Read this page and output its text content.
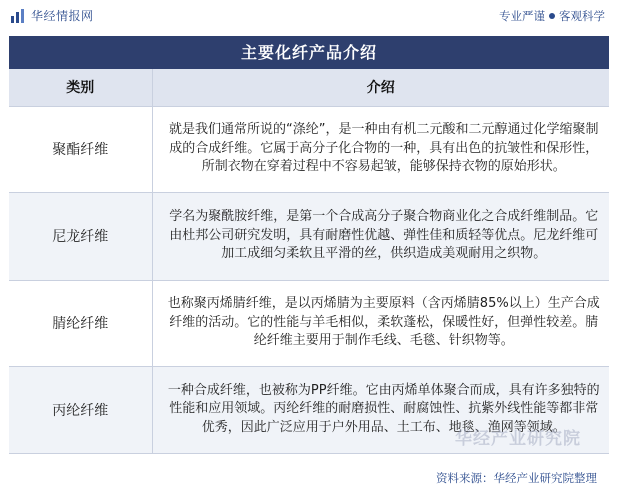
华经情报网	专业严谨 客观科学
主要化纤产品介绍
类别	介绍
聚酯纤维	就是我们通常所说的“涤纶”，是一种由有机二元酸和二元醇通过化学缩聚制成的合成纤维。它属于高分子化合物的一种，具有出色的抗皱性和保形性，所制衣物在穿着过程中不容易起皱，能够保持衣物的原始形状。
尼龙纤维	学名为聚酰胺纤维，是第一个合成高分子聚合物商业化之合成纤维制品。它由杜邦公司研究发明，具有耐磨性优越、弹性佳和质轻等优点。尼龙纤维可加工成细匀柔软且平滑的丝，供织造成美观耐用之织物。
腈纶纤维	也称聚丙烯腈纤维，是以丙烯腈为主要原料（含丙烯腈85%以上）生产合成纤维的活动。它的性能与羊毛相似，柔软蓬松，保暖性好，但弹性较差。腈纶纤维主要用于制作毛线、毛毯、针织物等。
丙纶纤维	一种合成纤维，也被称为PP纤维。它由丙烯单体聚合而成，具有许多独特的性能和应用领域。丙纶纤维的耐磨损性、耐腐蚀性、抗紫外线性能等都非常优秀，因此广泛应用于户外用品、土工布、地毯、渔网等领域。
华经产业研究院
资料来源：华经产业研究院整理
